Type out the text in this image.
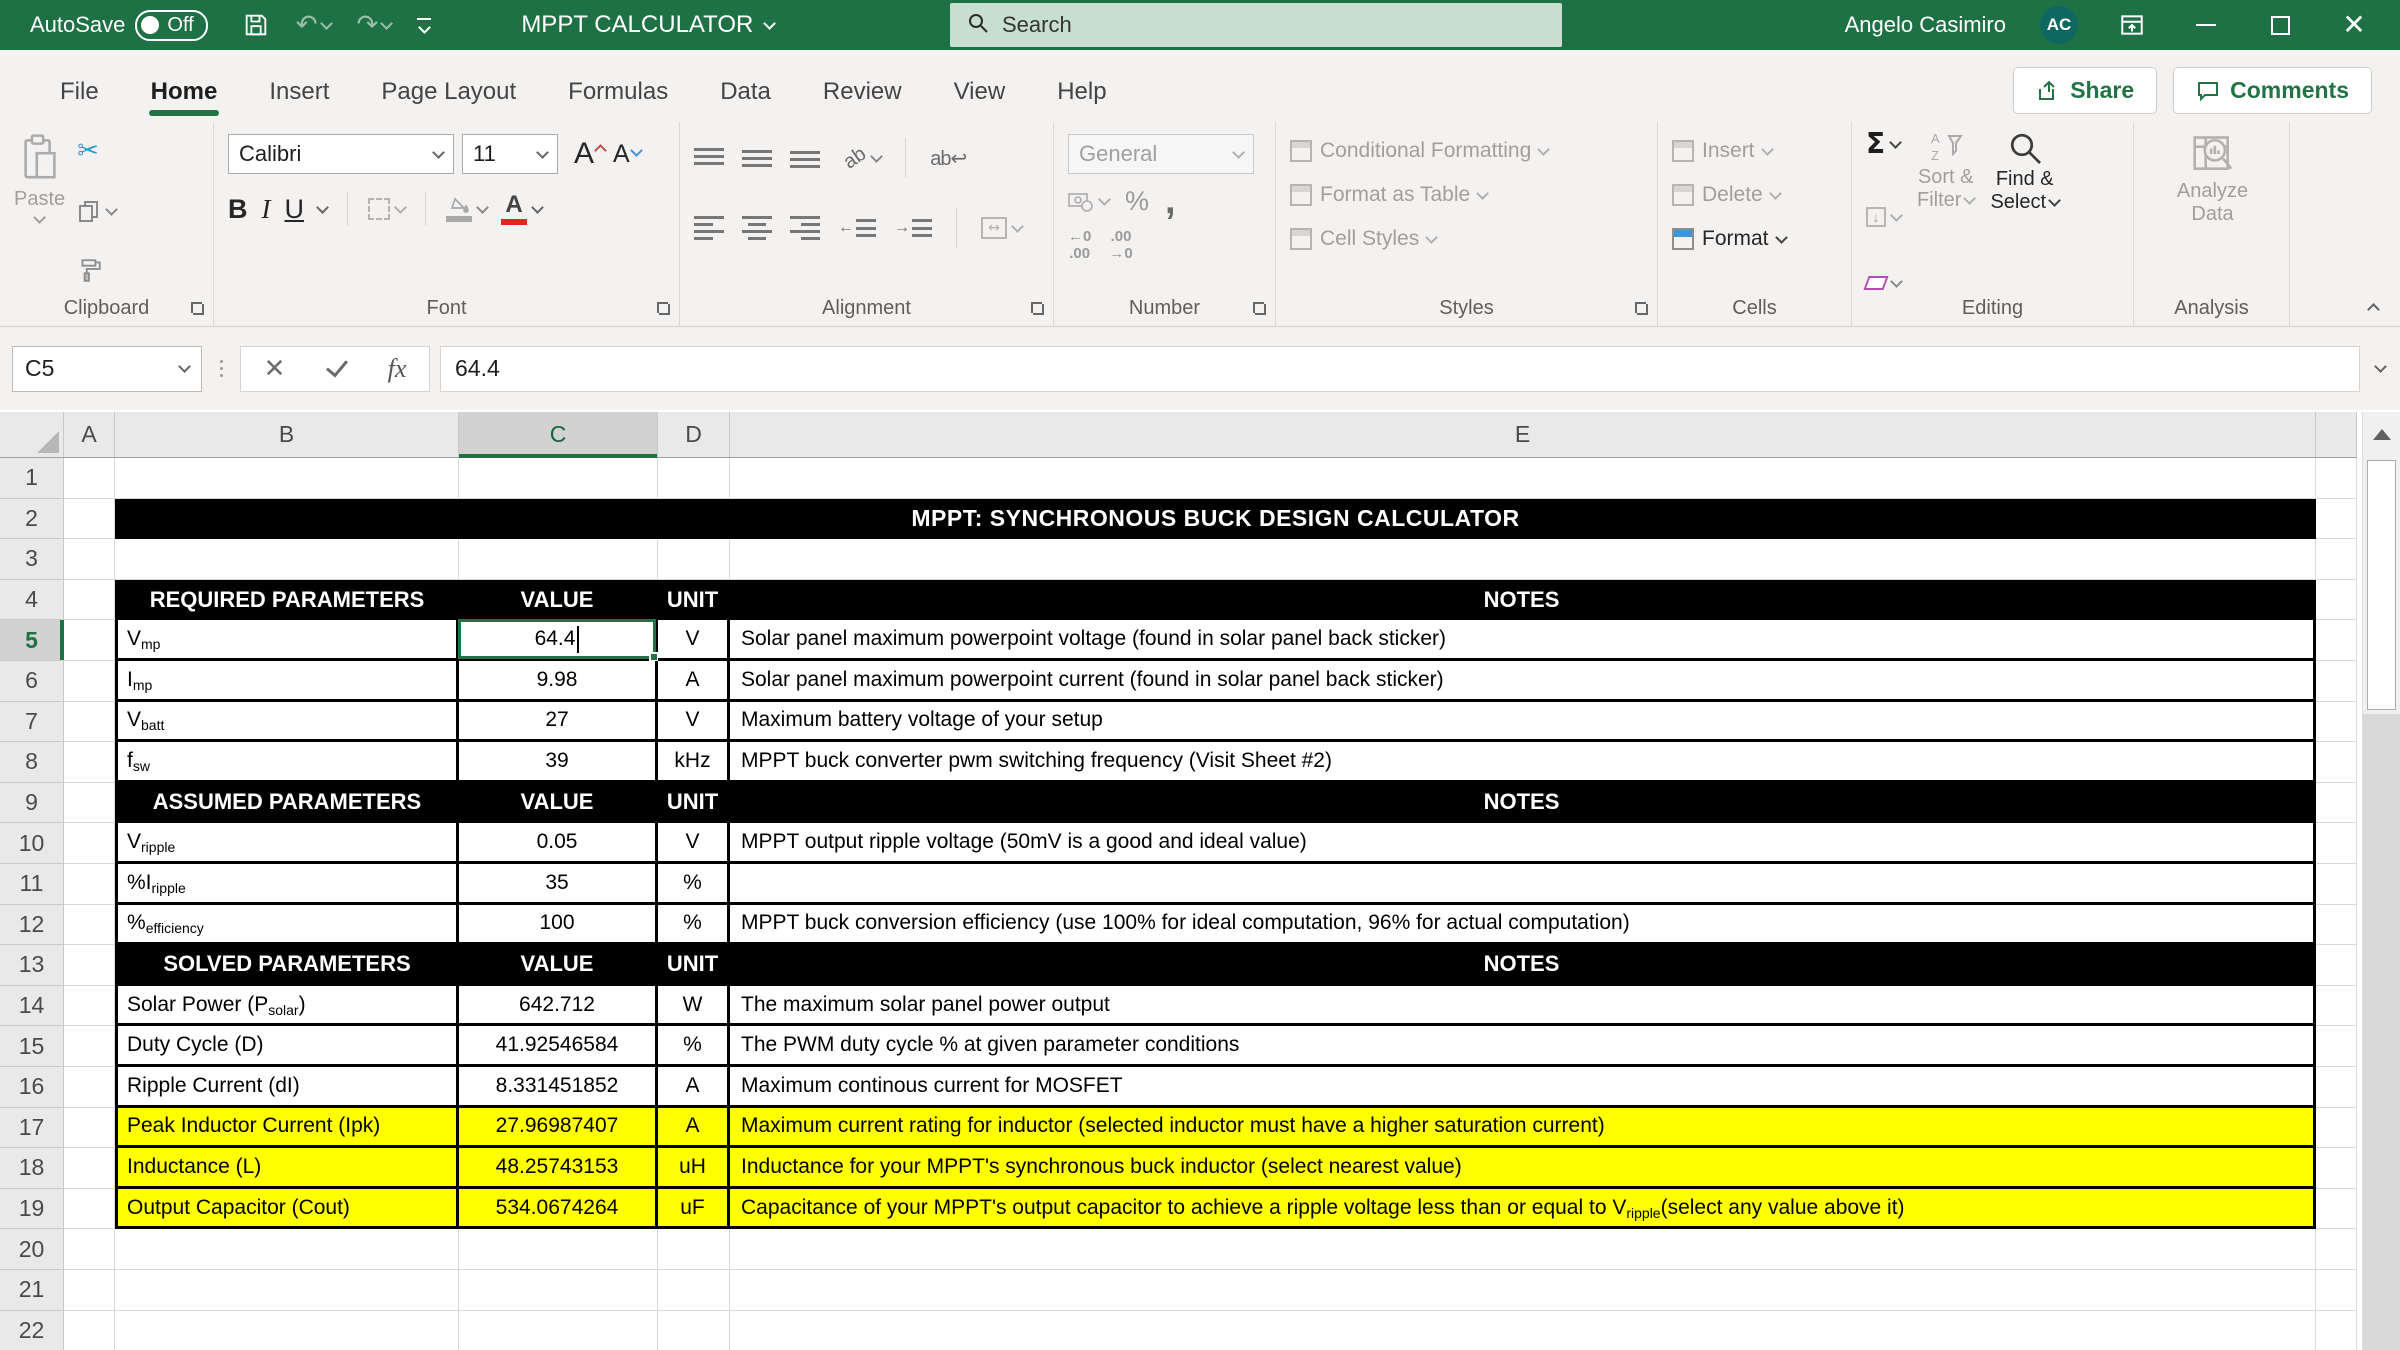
AutoSave Off	↶ ↷	MPPT CALCULATOR
Search	Angelo Casimiro	AC	✕
File	Home	Insert	Page Layout	Formulas	Data	Review	View	Help	Share	Comments
Paste
✂
Clipboard
Calibri	11	A A
B I U	A
Font
ab	ab↩
←	→	↔
Alignment
General
% ,
←0
.00
.00
→0
Number
Conditional Formatting
Format as Table
Cell Styles
Styles
Insert
Delete
Format
Cells
Σ
↓
A
Z
Sort &
Filter
Find &
Select
Editing
Analyze
Data
Analysis
C5	✕	fx
64.4
A	B	C	D	E
1
2	MPPT: SYNCHRONOUS BUCK DESIGN CALCULATOR
3
4	REQUIRED PARAMETERS	VALUE	UNIT	NOTES
5	V mp	64.4	V	Solar panel maximum powerpoint voltage (found in solar panel back sticker)
6	I mp	9.98	A	Solar panel maximum powerpoint current (found in solar panel back sticker)
7	V batt	27	V	Maximum battery voltage of your setup
8	f sw	39	kHz	MPPT buck converter pwm switching frequency (Visit Sheet #2)
9	ASSUMED PARAMETERS	VALUE	UNIT	NOTES
10	V ripple	0.05	V	MPPT output ripple voltage (50mV is a good and ideal value)
11	%I ripple	35	%
12	% efficiency	100	%	MPPT buck conversion efficiency (use 100% for ideal computation, 96% for actual computation)
13	SOLVED PARAMETERS	VALUE	UNIT	NOTES
14	Solar Power (P solar )	642.712	W	The maximum solar panel power output
15	Duty Cycle (D)	41.92546584	%	The PWM duty cycle % at given parameter conditions
16	Ripple Current (dI)	8.331451852	A	Maximum continous current for MOSFET
17	Peak Inductor Current (Ipk)	27.96987407	A	Maximum current rating for inductor (selected inductor must have a higher saturation current)
18	Inductance (L)	48.25743153	uH	Inductance for your MPPT's synchronous buck inductor (select nearest value)
19	Output Capacitor (Cout)	534.0674264	uF	Capacitance of your MPPT's output capacitor to achieve a ripple voltage less than or equal to V ripple (select any value above it)
20
21
22
